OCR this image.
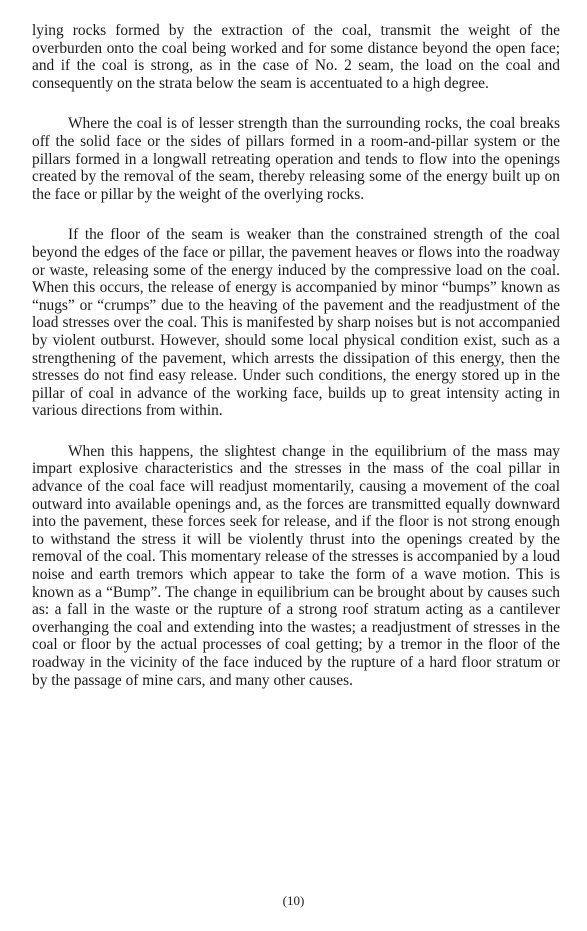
lying rocks formed by the extraction of the coal, transmit the weight of the overburden onto the coal being worked and for some distance beyond the open face; and if the coal is strong, as in the case of No. 2 seam, the load on the coal and consequently on the strata below the seam is accentuated to a high degree.

Where the coal is of lesser strength than the surrounding rocks, the coal breaks off the solid face or the sides of pillars formed in a room-and-pillar system or the pillars formed in a longwall retreating operation and tends to flow into the openings created by the removal of the seam, thereby releasing some of the energy built up on the face or pillar by the weight of the overlying rocks.

If the floor of the seam is weaker than the constrained strength of the coal beyond the edges of the face or pillar, the pavement heaves or flows into the roadway or waste, releasing some of the energy induced by the compressive load on the coal. When this occurs, the release of energy is accompanied by minor “bumps” known as “nugs” or “crumps” due to the heaving of the pavement and the readjustment of the load stresses over the coal. This is manifested by sharp noises but is not accompanied by violent outburst. However, should some local physical condition exist, such as a strengthening of the pavement, which arrests the dissipation of this energy, then the stresses do not find easy release. Under such conditions, the energy stored up in the pillar of coal in advance of the working face, builds up to great intensity acting in various directions from within.

When this happens, the slightest change in the equilibrium of the mass may impart explosive characteristics and the stresses in the mass of the coal pillar in advance of the coal face will readjust momentarily, causing a movement of the coal outward into available openings and, as the forces are transmitted equally downward into the pavement, these forces seek for release, and if the floor is not strong enough to withstand the stress it will be violently thrust into the openings created by the removal of the coal. This momentary release of the stresses is accompanied by a loud noise and earth tremors which appear to take the form of a wave motion. This is known as a “Bump”. The change in equilibrium can be brought about by causes such as: a fall in the waste or the rupture of a strong roof stratum acting as a cantilever overhanging the coal and extending into the wastes; a readjustment of stresses in the coal or floor by the actual processes of coal getting; by a tremor in the floor of the roadway in the vicinity of the face induced by the rupture of a hard floor stratum or by the passage of mine cars, and many other causes.

(10)
